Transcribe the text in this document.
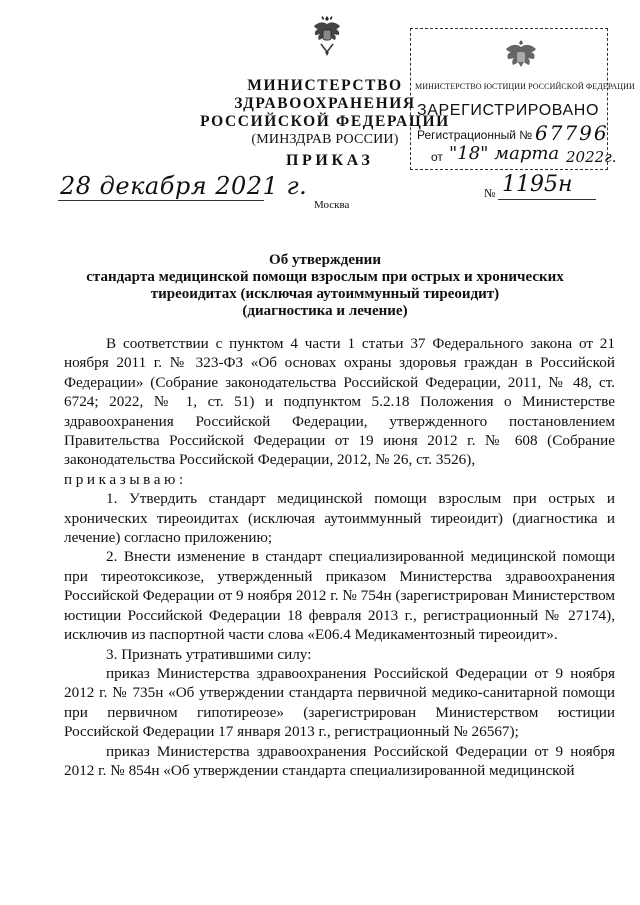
МИНИСТЕРСТВО ЗДРАВООХРАНЕНИЯ
РОССИЙСКОЙ ФЕДЕРАЦИИ
(МИНЗДРАВ РОССИИ)
МИНИСТЕРСТВО ЮСТИЦИИ РОССИЙСКОЙ ФЕДЕРАЦИИ
ЗАРЕГИСТРИРОВАНО
Регистрационный № 67796
от "18" марта 2022г.
ПРИКАЗ
28 декабря 2021 г.
Москва
№ 1195н
Об утверждении
стандарта медицинской помощи взрослым при острых и хронических
тиреоидитах (исключая аутоиммунный тиреоидит)
(диагностика и лечение)

В соответствии с пунктом 4 части 1 статьи 37 Федерального закона от 21 ноября 2011 г. № 323-ФЗ «Об основах охраны здоровья граждан в Российской Федерации» (Собрание законодательства Российской Федерации, 2011, № 48, ст. 6724; 2022, № 1, ст. 51) и подпунктом 5.2.18 Положения о Министерстве здравоохранения Российской Федерации, утвержденного постановлением Правительства Российской Федерации от 19 июня 2012 г. № 608 (Собрание законодательства Российской Федерации, 2012, № 26, ст. 3526),

приказываю:

1. Утвердить стандарт медицинской помощи взрослым при острых и хронических тиреоидитах (исключая аутоиммунный тиреоидит) (диагностика и лечение) согласно приложению;

2. Внести изменение в стандарт специализированной медицинской помощи при тиреотоксикозе, утвержденный приказом Министерства здравоохранения Российской Федерации от 9 ноября 2012 г. № 754н (зарегистрирован Министерством юстиции Российской Федерации 18 февраля 2013 г., регистрационный № 27174), исключив из паспортной части слова «Е06.4 Медикаментозный тиреоидит».

3. Признать утратившими силу:

приказ Министерства здравоохранения Российской Федерации от 9 ноября 2012 г. № 735н «Об утверждении стандарта первичной медико-санитарной помощи при первичном гипотиреозе» (зарегистрирован Министерством юстиции Российской Федерации 17 января 2013 г., регистрационный № 26567);

приказ Министерства здравоохранения Российской Федерации от 9 ноября 2012 г. № 854н «Об утверждении стандарта специализированной медицинской
